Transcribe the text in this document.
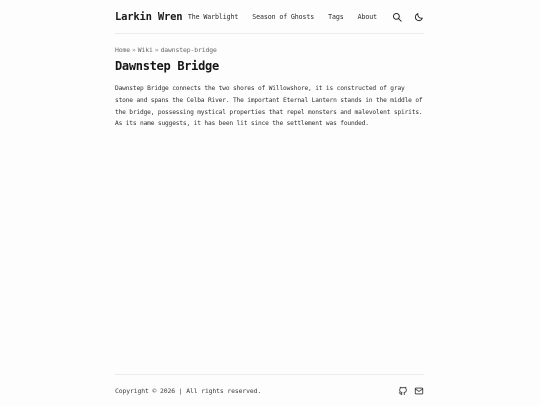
Larkin Wren The Warblight Season of Ghosts Tags About
Home » Wiki » dawnstep-bridge
Dawnstep Bridge

Dawnstep Bridge connects the two shores of Willowshore, it is constructed of gray stone and spans the Celba River. The important Eternal Lantern stands in the middle of the bridge, possessing mystical properties that repel monsters and malevolent spirits. As its name suggests, it has been lit since the settlement was founded.

Copyright © 2026 | All rights reserved.
